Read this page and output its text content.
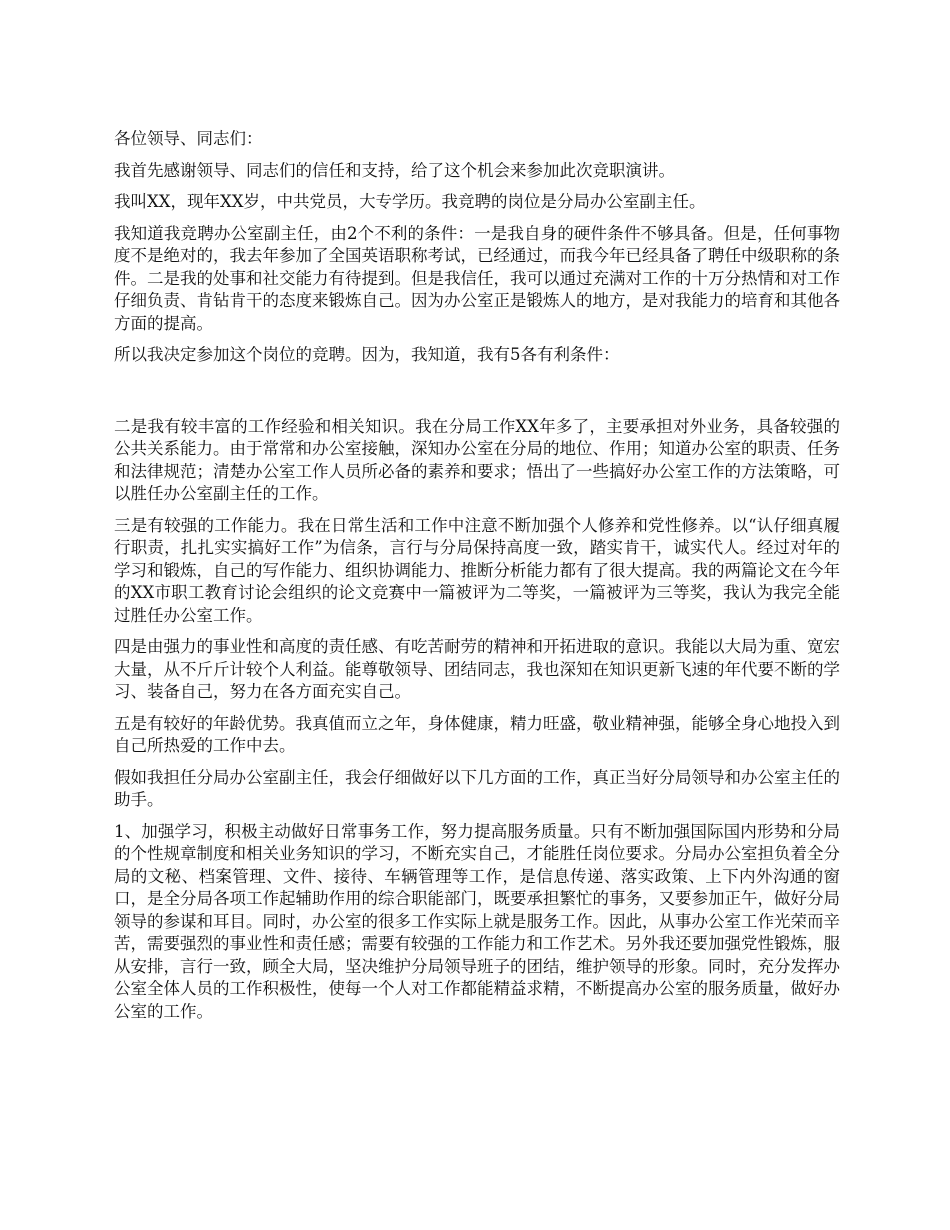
各位领导、同志们：

我首先感谢领导、同志们的信任和支持，给了这个机会来参加此次竞职演讲。

我叫XX，现年XX岁，中共党员，大专学历。我竞聘的岗位是分局办公室副主任。

我知道我竞聘办公室副主任，由2个不利的条件：一是我自身的硬件条件不够具备。但是，任何事物度不是绝对的，我去年参加了全国英语职称考试，已经通过，而我今年已经具备了聘任中级职称的条件。二是我的处事和社交能力有待提到。但是我信任，我可以通过充满对工作的十万分热情和对工作仔细负责、肯钻肯干的态度来锻炼自己。因为办公室正是锻炼人的地方，是对我能力的培育和其他各方面的提高。

所以我决定参加这个岗位的竞聘。因为，我知道，我有5各有利条件：

二是我有较丰富的工作经验和相关知识。我在分局工作XX年多了，主要承担对外业务，具备较强的公共关系能力。由于常常和办公室接触，深知办公室在分局的地位、作用；知道办公室的职责、任务和法律规范；清楚办公室工作人员所必备的素养和要求；悟出了一些搞好办公室工作的方法策略，可以胜任办公室副主任的工作。

三是有较强的工作能力。我在日常生活和工作中注意不断加强个人修养和党性修养。以“认仔细真履行职责，扎扎实实搞好工作”为信条，言行与分局保持高度一致，踏实肯干，诚实代人。经过对年的学习和锻炼，自己的写作能力、组织协调能力、推断分析能力都有了很大提高。我的两篇论文在今年的XX市职工教育讨论会组织的论文竞赛中一篇被评为二等奖，一篇被评为三等奖，我认为我完全能过胜任办公室工作。

四是由强力的事业性和高度的责任感、有吃苦耐劳的精神和开拓进取的意识。我能以大局为重、宽宏大量，从不斤斤计较个人利益。能尊敬领导、团结同志，我也深知在知识更新飞速的年代要不断的学习、装备自己，努力在各方面充实自己。

五是有较好的年龄优势。我真值而立之年，身体健康，精力旺盛，敬业精神强，能够全身心地投入到自己所热爱的工作中去。

假如我担任分局办公室副主任，我会仔细做好以下几方面的工作，真正当好分局领导和办公室主任的助手。

1、加强学习，积极主动做好日常事务工作，努力提高服务质量。只有不断加强国际国内形势和分局的个性规章制度和相关业务知识的学习，不断充实自己，才能胜任岗位要求。分局办公室担负着全分局的文秘、档案管理、文件、接待、车辆管理等工作，是信息传递、落实政策、上下内外沟通的窗口，是全分局各项工作起辅助作用的综合职能部门，既要承担繁忙的事务，又要参加正午，做好分局领导的参谋和耳目。同时，办公室的很多工作实际上就是服务工作。因此，从事办公室工作光荣而辛苦，需要强烈的事业性和责任感；需要有较强的工作能力和工作艺术。另外我还要加强党性锻炼，服从安排，言行一致，顾全大局，坚决维护分局领导班子的团结，维护领导的形象。同时，充分发挥办公室全体人员的工作积极性，使每一个人对工作都能精益求精，不断提高办公室的服务质量，做好办公室的工作。
